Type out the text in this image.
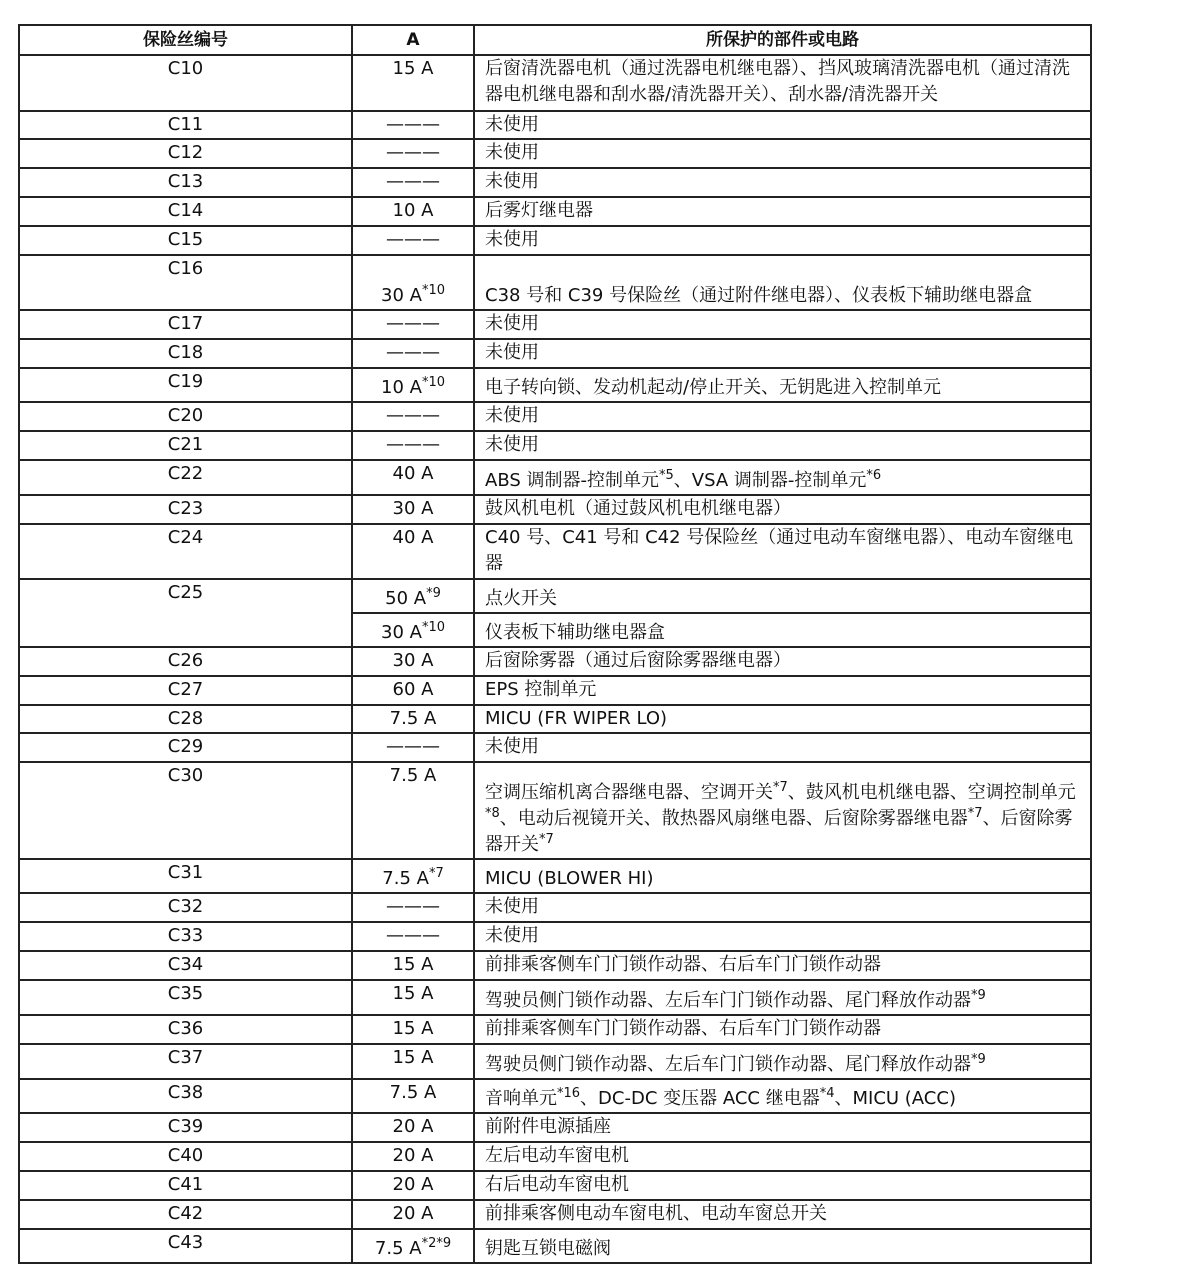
保险丝编号	A	所保护的部件或电路
C10	15 A	后窗清洗器电机（通过洗器电机继电器）、挡风玻璃清洗器电机（通过清洗器电机继电器和刮水器/清洗器开关）、刮水器/清洗器开关
C11	———	未使用
C12	———	未使用
C13	———	未使用
C14	10 A	后雾灯继电器
C15	———	未使用
C16	30 $A^{*10}$	C38 号和 C39 号保险丝（通过附件继电器）、仪表板下辅助继电器盒
C17	———	未使用
C18	———	未使用
C19	10 $A^{*10}$	电子转向锁、发动机起动/停止开关、无钥匙进入控制单元
C20	———	未使用
C21	———	未使用
C22	40 A	ABS 调制器-控制单元$^{*5}$、VSA 调制器-控制单元$^{*6}$
C23	30 A	鼓风机电机（通过鼓风机电机继电器）
C24	40 A	C40 号、C41 号和 C42 号保险丝（通过电动车窗继电器）、电动车窗继电器
C25	50 $A^{*9}$	点火开关
	30 $A^{*10}$	仪表板下辅助继电器盒
C26	30 A	后窗除雾器（通过后窗除雾器继电器）
C27	60 A	EPS 控制单元
C28	7.5 A	MICU (FR WIPER LO)
C29	———	未使用
C30	7.5 A	空调压缩机离合器继电器、空调开关$^{*7}$、鼓风机电机继电器、空调控制单元$^{*8}$、电动后视镜开关、散热器风扇继电器、后窗除雾器继电器$^{*7}$、后窗除雾器开关$^{*7}$
C31	7.5 $A^{*7}$	MICU (BLOWER HI)
C32	———	未使用
C33	———	未使用
C34	15 A	前排乘客侧车门门锁作动器、右后车门门锁作动器
C35	15 A	驾驶员侧门锁作动器、左后车门门锁作动器、尾门释放作动器$^{*9}$
C36	15 A	前排乘客侧车门门锁作动器、右后车门门锁作动器
C37	15 A	驾驶员侧门锁作动器、左后车门门锁作动器、尾门释放作动器$^{*9}$
C38	7.5 A	音响单元$^{*16}$、DC-DC 变压器 ACC 继电器$^{*4}$、MICU (ACC)
C39	20 A	前附件电源插座
C40	20 A	左后电动车窗电机
C41	20 A	右后电动车窗电机
C42	20 A	前排乘客侧电动车窗电机、电动车窗总开关
C43	7.5 $A^{*2*9}$	钥匙互锁电磁阀
